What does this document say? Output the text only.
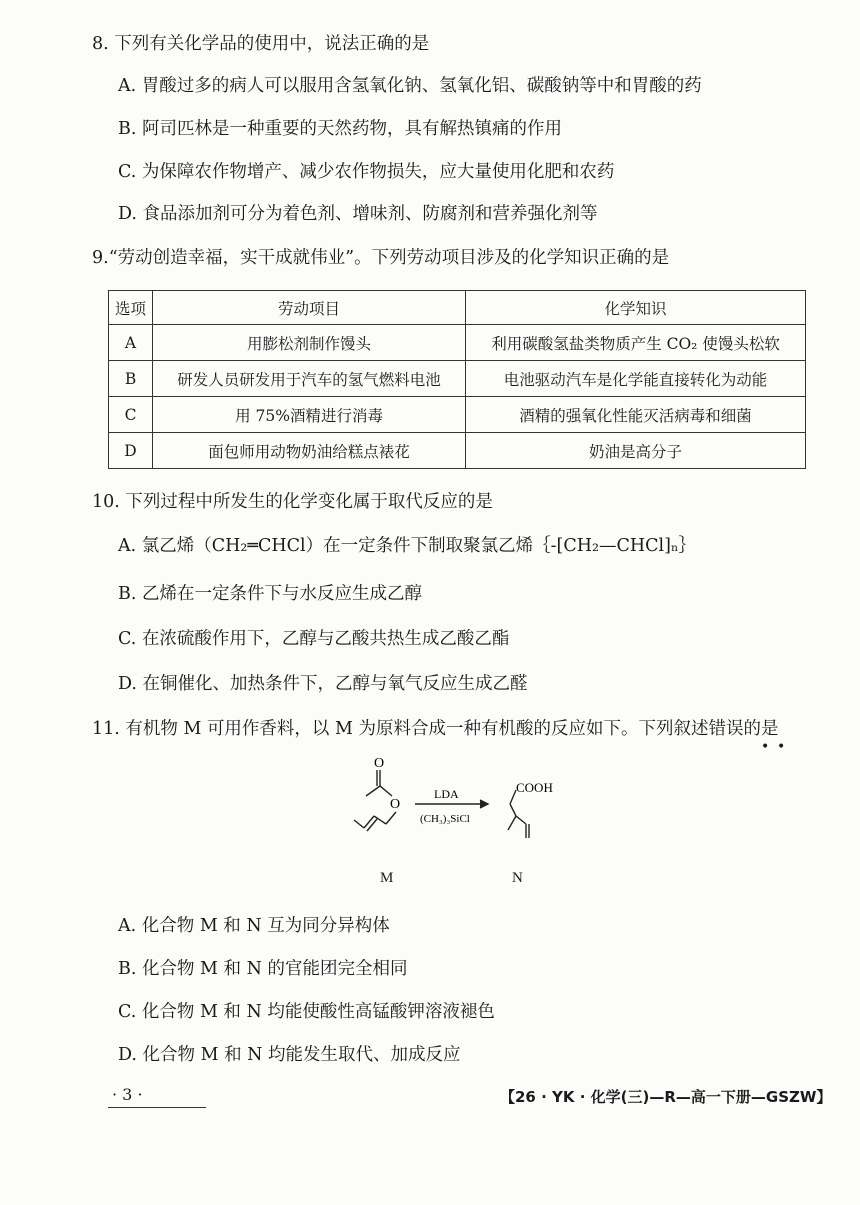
8. 下列有关化学品的使用中，说法正确的是
A. 胃酸过多的病人可以服用含氢氧化钠、氢氧化铝、碳酸钠等中和胃酸的药
B. 阿司匹林是一种重要的天然药物，具有解热镇痛的作用
C. 为保障农作物增产、减少农作物损失，应大量使用化肥和农药
D. 食品添加剂可分为着色剂、增味剂、防腐剂和营养强化剂等
9.“劳动创造幸福，实干成就伟业”。下列劳动项目涉及的化学知识正确的是
选项	劳动项目	化学知识
A	用膨松剂制作馒头	利用碳酸氢盐类物质产生 CO₂ 使馒头松软
B	研发人员研发用于汽车的氢气燃料电池	电池驱动汽车是化学能直接转化为动能
C	用 75%酒精进行消毒	酒精的强氧化性能灭活病毒和细菌
D	面包师用动物奶油给糕点裱花	奶油是高分子
10. 下列过程中所发生的化学变化属于取代反应的是
A. 氯乙烯（CH₂═CHCl）在一定条件下制取聚氯乙烯｛-[CH₂—CHCl]ₙ｝
B. 乙烯在一定条件下与水反应生成乙醇
C. 在浓硫酸作用下，乙醇与乙酸共热生成乙酸乙酯
D. 在铜催化、加热条件下，乙醇与氧气反应生成乙醛
11. 有机物 M 可用作香料，以 M 为原料合成一种有机酸的反应如下。下列叙述错误的是
• •
O
O
LDA
(CH₃)₃SiCl
COOH
M	N
A. 化合物 M 和 N 互为同分异构体
B. 化合物 M 和 N 的官能团完全相同
C. 化合物 M 和 N 均能使酸性高锰酸钾溶液褪色
D. 化合物 M 和 N 均能发生取代、加成反应
· 3 ·	【26 · YK · 化学(三)—R—高一下册—GSZW】
